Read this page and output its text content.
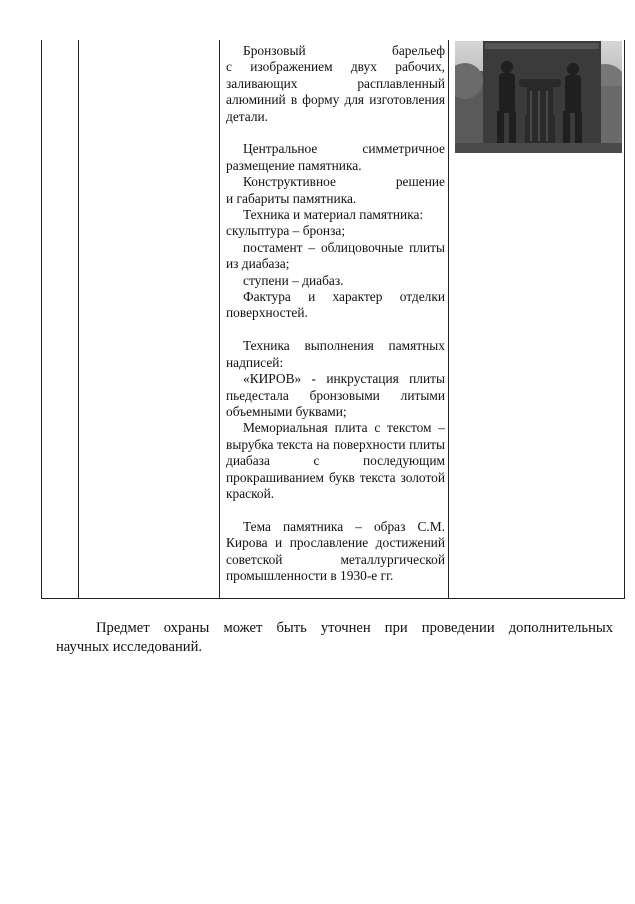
Бронзовый барельеф

с изображением двух рабочих, заливающих расплавленный алюминий в форму для изготовления детали.

Центральное симметричное размещение памятника.

Конструктивное решение

и габариты памятника.

Техника и материал памятника:

скульптура – бронза;

постамент – облицовочные плиты из диабаза;

ступени – диабаз.

Фактура и характер отделки поверхностей.

Техника выполнения памятных надписей:

«КИРОВ» - инкрустация плиты пьедестала бронзовыми литыми объемными буквами;

Мемориальная плита с текстом – вырубка текста на поверхности плиты диабаза с последующим прокрашиванием букв текста золотой краской.

Тема памятника – образ С.М. Кирова и прославление достижений советской металлургической промышленности в 1930-е гг.

Предмет охраны может быть уточнен при проведении дополнительных

научных исследований.
